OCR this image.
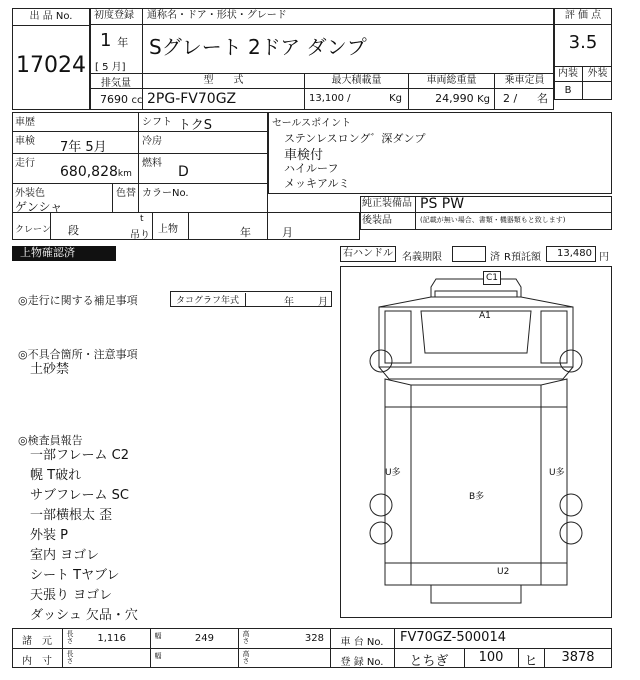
出 品 No.
17024
初度登録	通称名・ドア・形状・グレード
1 年
[ 5 月]
Sグレート 2ドア ダンプ
評 価 点
3.5
内装 外装
B
排気量	型　　式	最大積載量	車両総重量	乗車定員
7690 cc 2PG-FV70GZ	13,100 /	Kg	24,990 Kg	2 / 名
車歴	シフト トクS
車検 7年 5月	冷房
走行
680,828km
燃料
D
外装色
ゲンシャ
色替 カラーNo.
クレーン 段
t
吊り
上物	年	月
セールスポイント
ステンレスロング゛深ダンプ
車検付
ハイルーフ
メッキアルミ
純正装備品 PS PW
後装品	(記載が無い場合、書類・機器類もと致します)
上物確認済	右ハンドル 名義期限	済 R預託額	13,480 円
◎走行に関する補足事項	タコグラフ年式	年 月
◎不具合箇所・注意事項
土砂禁
◎検査員報告
一部フレーム C2
幌 T破れ
サブフレーム SC
一部横根太 歪
外装 P
室内 ヨゴレ
シート Tヤブレ
天張り ヨゴレ
ダッシュ 欠品・穴
C1
A1
U多	U多
B多
U2
諸　元	長さ	1,116	幅	249	高さ	328	車 台 No.	FV70GZ-500014
内　寸	長さ	幅	高さ	登 録 No.	とちぎ	100	ヒ	3878
